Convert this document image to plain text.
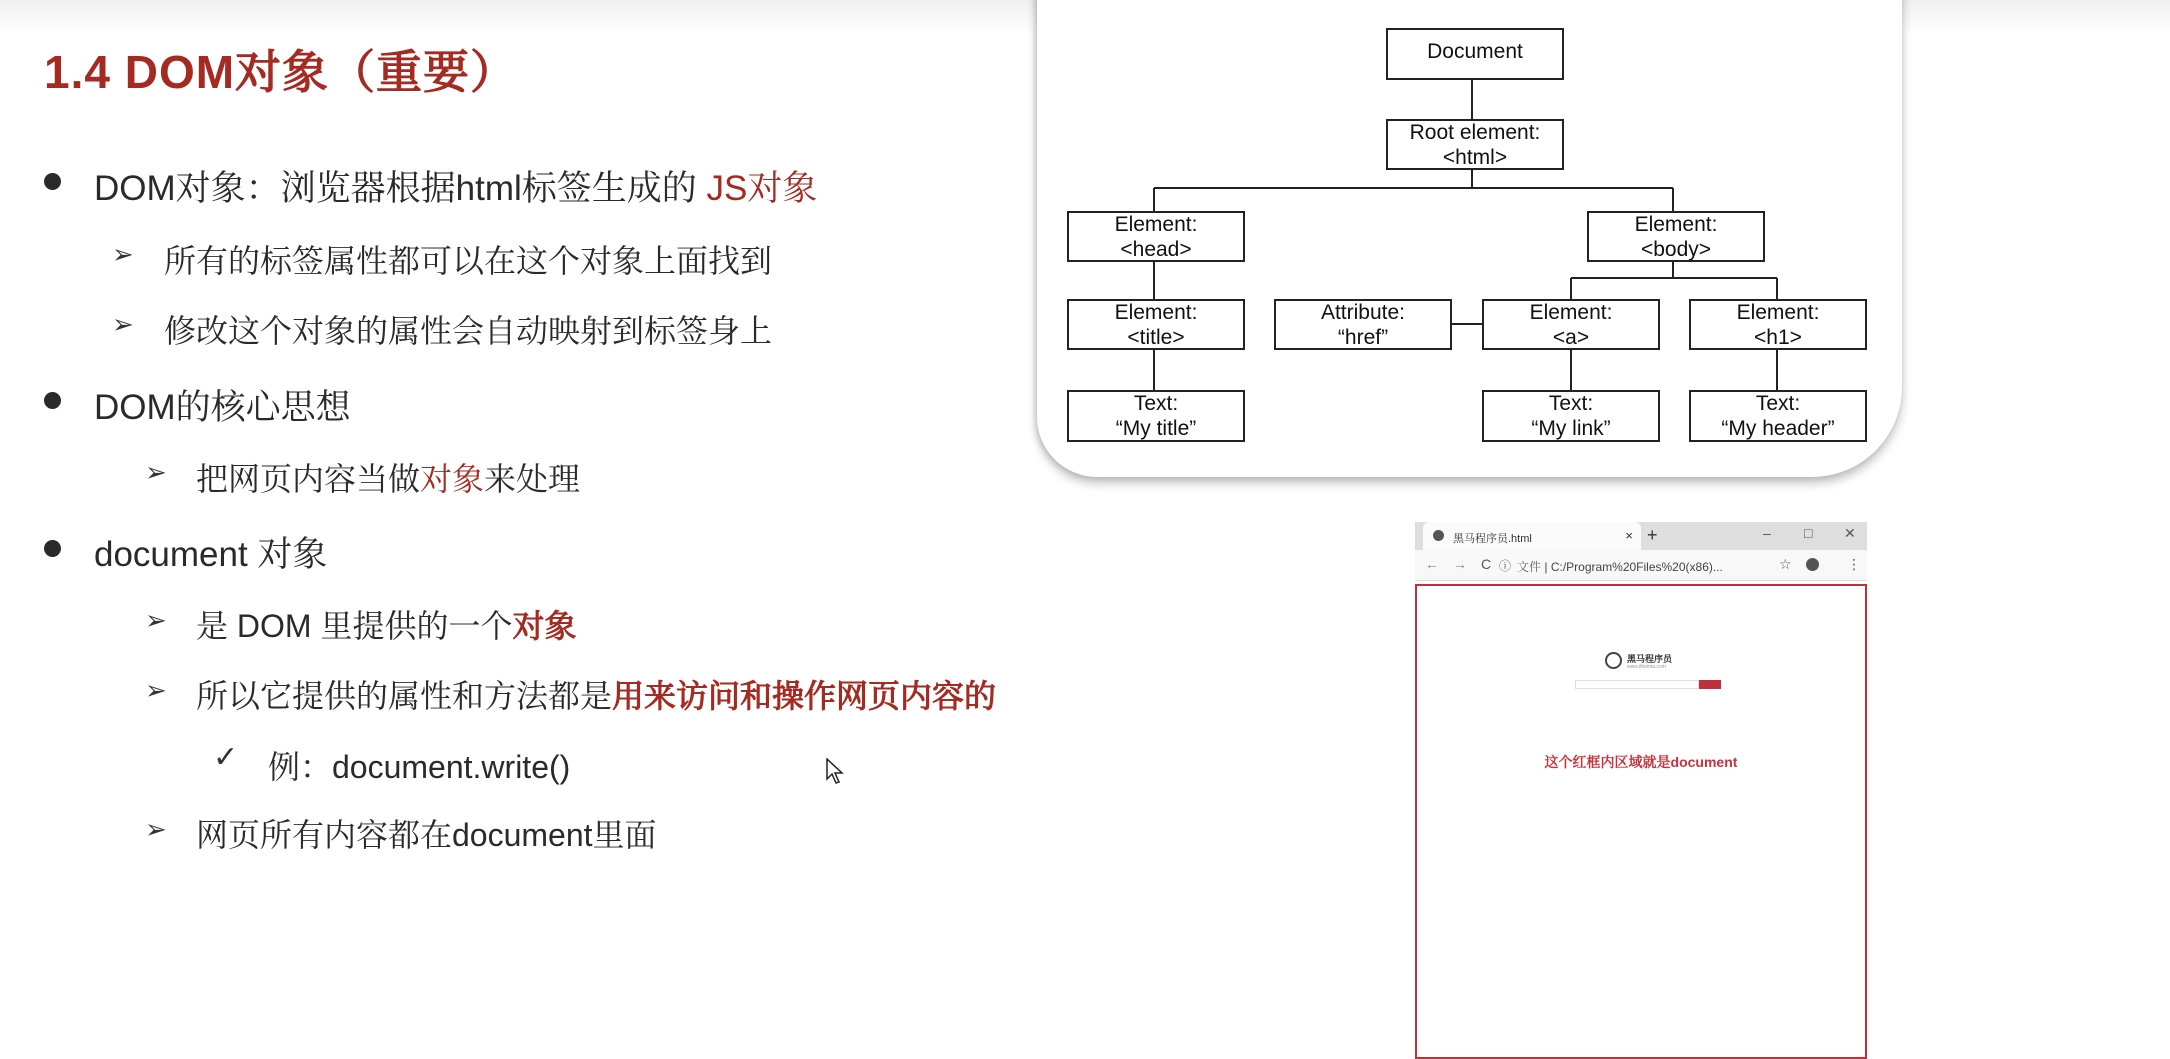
1.4 DOM对象（重要）
DOM对象：浏览器根据html标签生成的 JS对象
➢ 所有的标签属性都可以在这个对象上面找到
➢ 修改这个对象的属性会自动映射到标签身上
DOM的核心思想
➢ 把网页内容当做对象来处理
document 对象
➢ 是 DOM 里提供的一个对象
➢ 所以它提供的属性和方法都是用来访问和操作网页内容的
✓ 例：document.write()
➢ 网页所有内容都在document里面
Document
Root element:
<html>
Element:
<head>
Element:
<body>
Element:
<title>
Attribute:
“href”
Element:
<a>
Element:
<h1>
Text:
“My title”
Text:
“My link”
Text:
“My header”
黑马程序员.html	× +	– □ ✕
← → C ⓘ 文件 | C:/Program%20Files%20(x86)...	☆	⋮
黑马程序员
www.itheima.com
这个红框内区域就是document
